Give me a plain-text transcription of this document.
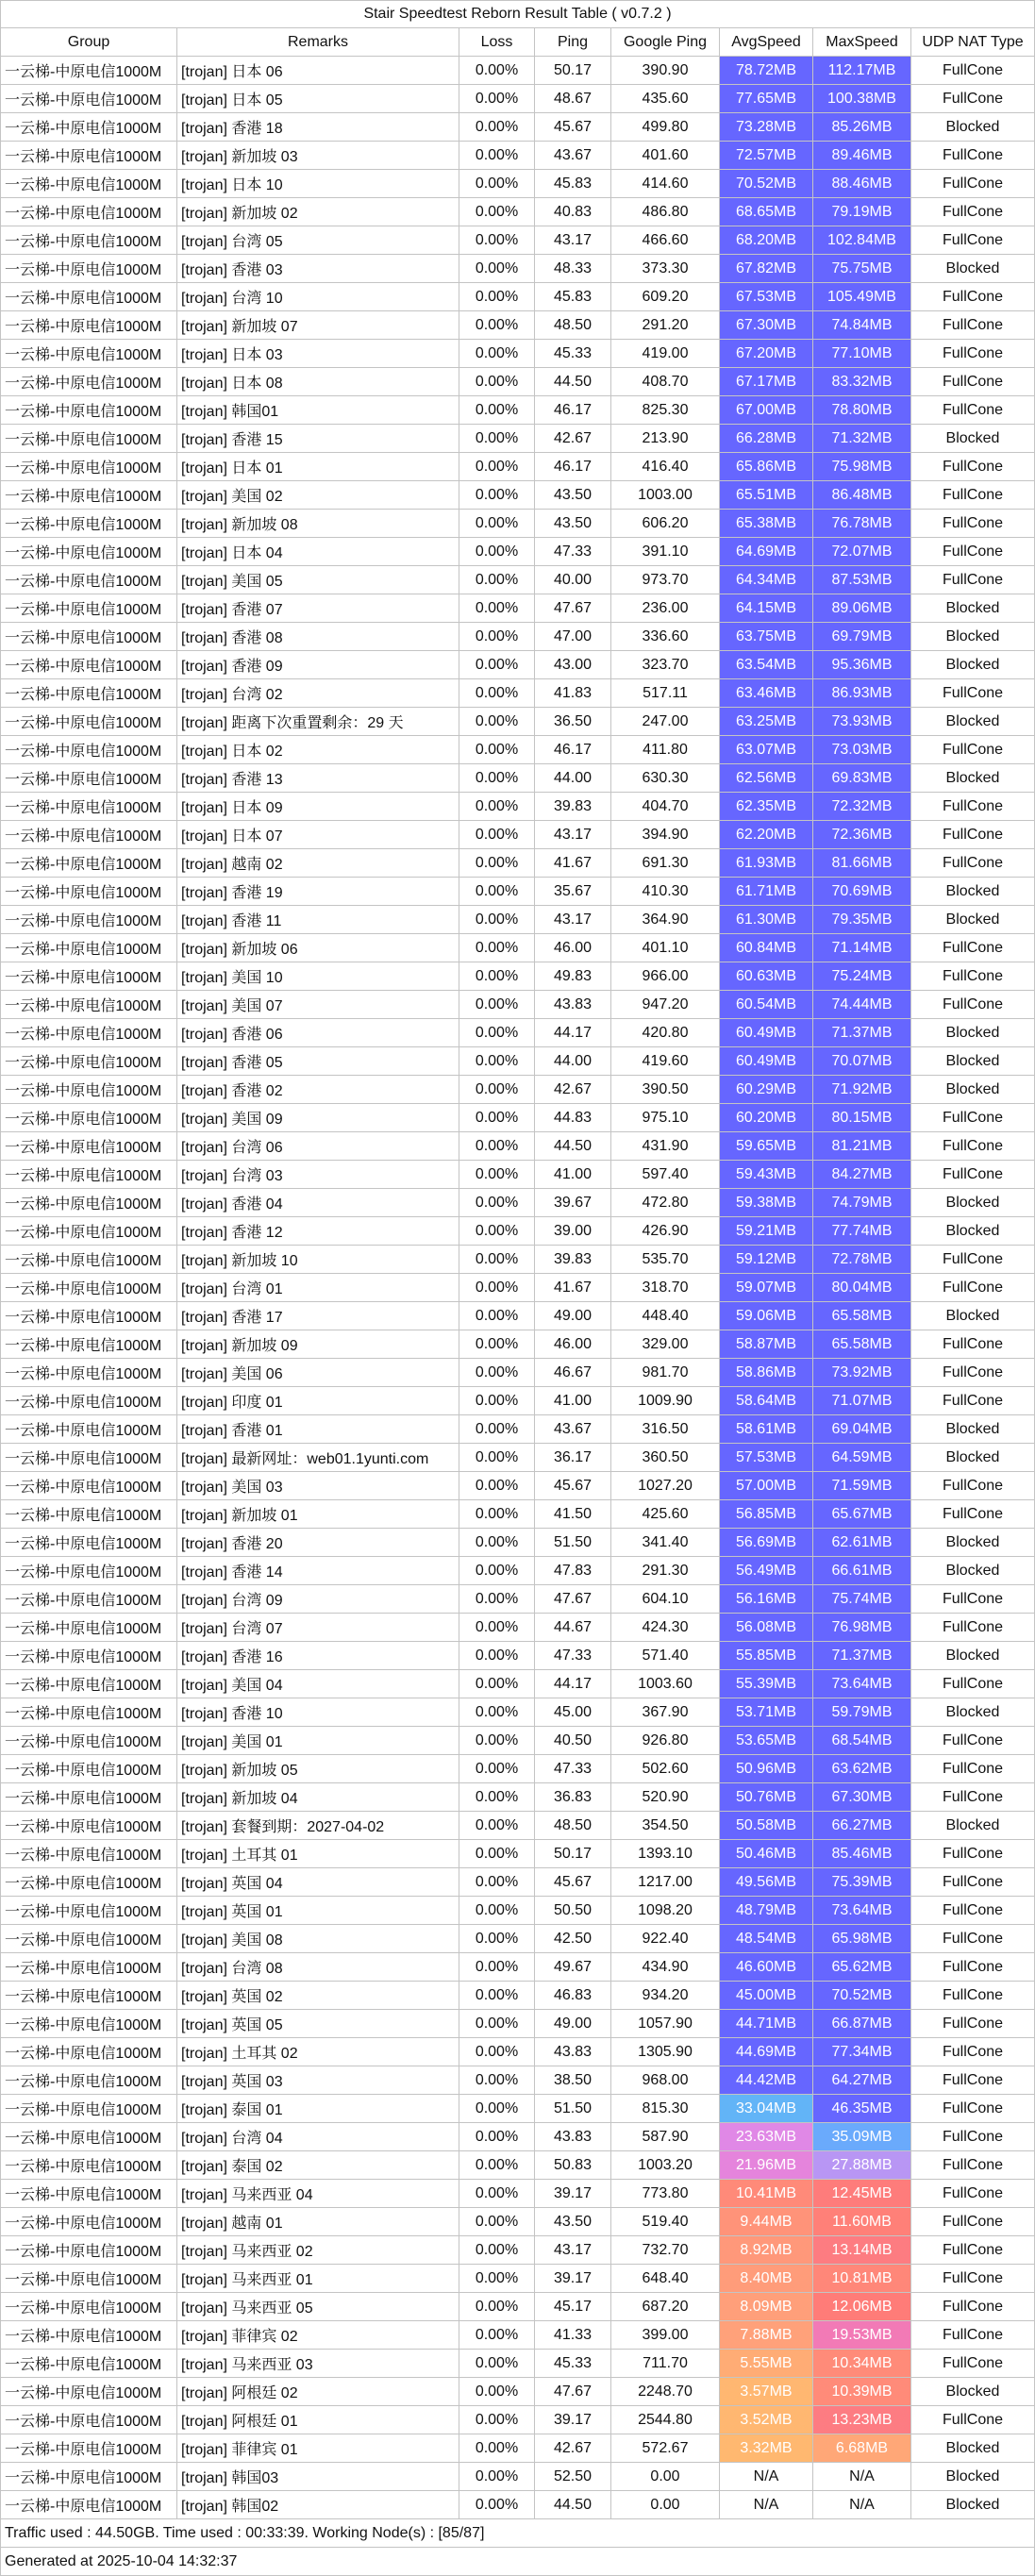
Stair Speedtest Reborn Result Table ( v0.7.2 )
Group	Remarks	Loss	Ping	Google Ping	AvgSpeed	MaxSpeed	UDP NAT Type
一云梯-中原电信1000M	[trojan] 日本 06	0.00%	50.17	390.90	78.72MB	112.17MB	FullCone
一云梯-中原电信1000M	[trojan] 日本 05	0.00%	48.67	435.60	77.65MB	100.38MB	FullCone
一云梯-中原电信1000M	[trojan] 香港 18	0.00%	45.67	499.80	73.28MB	85.26MB	Blocked
一云梯-中原电信1000M	[trojan] 新加坡 03	0.00%	43.67	401.60	72.57MB	89.46MB	FullCone
一云梯-中原电信1000M	[trojan] 日本 10	0.00%	45.83	414.60	70.52MB	88.46MB	FullCone
一云梯-中原电信1000M	[trojan] 新加坡 02	0.00%	40.83	486.80	68.65MB	79.19MB	FullCone
一云梯-中原电信1000M	[trojan] 台湾 05	0.00%	43.17	466.60	68.20MB	102.84MB	FullCone
一云梯-中原电信1000M	[trojan] 香港 03	0.00%	48.33	373.30	67.82MB	75.75MB	Blocked
一云梯-中原电信1000M	[trojan] 台湾 10	0.00%	45.83	609.20	67.53MB	105.49MB	FullCone
一云梯-中原电信1000M	[trojan] 新加坡 07	0.00%	48.50	291.20	67.30MB	74.84MB	FullCone
一云梯-中原电信1000M	[trojan] 日本 03	0.00%	45.33	419.00	67.20MB	77.10MB	FullCone
一云梯-中原电信1000M	[trojan] 日本 08	0.00%	44.50	408.70	67.17MB	83.32MB	FullCone
一云梯-中原电信1000M	[trojan] 韩国01	0.00%	46.17	825.30	67.00MB	78.80MB	FullCone
一云梯-中原电信1000M	[trojan] 香港 15	0.00%	42.67	213.90	66.28MB	71.32MB	Blocked
一云梯-中原电信1000M	[trojan] 日本 01	0.00%	46.17	416.40	65.86MB	75.98MB	FullCone
一云梯-中原电信1000M	[trojan] 美国 02	0.00%	43.50	1003.00	65.51MB	86.48MB	FullCone
一云梯-中原电信1000M	[trojan] 新加坡 08	0.00%	43.50	606.20	65.38MB	76.78MB	FullCone
一云梯-中原电信1000M	[trojan] 日本 04	0.00%	47.33	391.10	64.69MB	72.07MB	FullCone
一云梯-中原电信1000M	[trojan] 美国 05	0.00%	40.00	973.70	64.34MB	87.53MB	FullCone
一云梯-中原电信1000M	[trojan] 香港 07	0.00%	47.67	236.00	64.15MB	89.06MB	Blocked
一云梯-中原电信1000M	[trojan] 香港 08	0.00%	47.00	336.60	63.75MB	69.79MB	Blocked
一云梯-中原电信1000M	[trojan] 香港 09	0.00%	43.00	323.70	63.54MB	95.36MB	Blocked
一云梯-中原电信1000M	[trojan] 台湾 02	0.00%	41.83	517.11	63.46MB	86.93MB	FullCone
一云梯-中原电信1000M	[trojan] 距离下次重置剩余：29 天	0.00%	36.50	247.00	63.25MB	73.93MB	Blocked
一云梯-中原电信1000M	[trojan] 日本 02	0.00%	46.17	411.80	63.07MB	73.03MB	FullCone
一云梯-中原电信1000M	[trojan] 香港 13	0.00%	44.00	630.30	62.56MB	69.83MB	Blocked
一云梯-中原电信1000M	[trojan] 日本 09	0.00%	39.83	404.70	62.35MB	72.32MB	FullCone
一云梯-中原电信1000M	[trojan] 日本 07	0.00%	43.17	394.90	62.20MB	72.36MB	FullCone
一云梯-中原电信1000M	[trojan] 越南 02	0.00%	41.67	691.30	61.93MB	81.66MB	FullCone
一云梯-中原电信1000M	[trojan] 香港 19	0.00%	35.67	410.30	61.71MB	70.69MB	Blocked
一云梯-中原电信1000M	[trojan] 香港 11	0.00%	43.17	364.90	61.30MB	79.35MB	Blocked
一云梯-中原电信1000M	[trojan] 新加坡 06	0.00%	46.00	401.10	60.84MB	71.14MB	FullCone
一云梯-中原电信1000M	[trojan] 美国 10	0.00%	49.83	966.00	60.63MB	75.24MB	FullCone
一云梯-中原电信1000M	[trojan] 美国 07	0.00%	43.83	947.20	60.54MB	74.44MB	FullCone
一云梯-中原电信1000M	[trojan] 香港 06	0.00%	44.17	420.80	60.49MB	71.37MB	Blocked
一云梯-中原电信1000M	[trojan] 香港 05	0.00%	44.00	419.60	60.49MB	70.07MB	Blocked
一云梯-中原电信1000M	[trojan] 香港 02	0.00%	42.67	390.50	60.29MB	71.92MB	Blocked
一云梯-中原电信1000M	[trojan] 美国 09	0.00%	44.83	975.10	60.20MB	80.15MB	FullCone
一云梯-中原电信1000M	[trojan] 台湾 06	0.00%	44.50	431.90	59.65MB	81.21MB	FullCone
一云梯-中原电信1000M	[trojan] 台湾 03	0.00%	41.00	597.40	59.43MB	84.27MB	FullCone
一云梯-中原电信1000M	[trojan] 香港 04	0.00%	39.67	472.80	59.38MB	74.79MB	Blocked
一云梯-中原电信1000M	[trojan] 香港 12	0.00%	39.00	426.90	59.21MB	77.74MB	Blocked
一云梯-中原电信1000M	[trojan] 新加坡 10	0.00%	39.83	535.70	59.12MB	72.78MB	FullCone
一云梯-中原电信1000M	[trojan] 台湾 01	0.00%	41.67	318.70	59.07MB	80.04MB	FullCone
一云梯-中原电信1000M	[trojan] 香港 17	0.00%	49.00	448.40	59.06MB	65.58MB	Blocked
一云梯-中原电信1000M	[trojan] 新加坡 09	0.00%	46.00	329.00	58.87MB	65.58MB	FullCone
一云梯-中原电信1000M	[trojan] 美国 06	0.00%	46.67	981.70	58.86MB	73.92MB	FullCone
一云梯-中原电信1000M	[trojan] 印度 01	0.00%	41.00	1009.90	58.64MB	71.07MB	FullCone
一云梯-中原电信1000M	[trojan] 香港 01	0.00%	43.67	316.50	58.61MB	69.04MB	Blocked
一云梯-中原电信1000M	[trojan] 最新网址：web01.1yunti.com	0.00%	36.17	360.50	57.53MB	64.59MB	Blocked
一云梯-中原电信1000M	[trojan] 美国 03	0.00%	45.67	1027.20	57.00MB	71.59MB	FullCone
一云梯-中原电信1000M	[trojan] 新加坡 01	0.00%	41.50	425.60	56.85MB	65.67MB	FullCone
一云梯-中原电信1000M	[trojan] 香港 20	0.00%	51.50	341.40	56.69MB	62.61MB	Blocked
一云梯-中原电信1000M	[trojan] 香港 14	0.00%	47.83	291.30	56.49MB	66.61MB	Blocked
一云梯-中原电信1000M	[trojan] 台湾 09	0.00%	47.67	604.10	56.16MB	75.74MB	FullCone
一云梯-中原电信1000M	[trojan] 台湾 07	0.00%	44.67	424.30	56.08MB	76.98MB	FullCone
一云梯-中原电信1000M	[trojan] 香港 16	0.00%	47.33	571.40	55.85MB	71.37MB	Blocked
一云梯-中原电信1000M	[trojan] 美国 04	0.00%	44.17	1003.60	55.39MB	73.64MB	FullCone
一云梯-中原电信1000M	[trojan] 香港 10	0.00%	45.00	367.90	53.71MB	59.79MB	Blocked
一云梯-中原电信1000M	[trojan] 美国 01	0.00%	40.50	926.80	53.65MB	68.54MB	FullCone
一云梯-中原电信1000M	[trojan] 新加坡 05	0.00%	47.33	502.60	50.96MB	63.62MB	FullCone
一云梯-中原电信1000M	[trojan] 新加坡 04	0.00%	36.83	520.90	50.76MB	67.30MB	FullCone
一云梯-中原电信1000M	[trojan] 套餐到期：2027-04-02	0.00%	48.50	354.50	50.58MB	66.27MB	Blocked
一云梯-中原电信1000M	[trojan] 土耳其 01	0.00%	50.17	1393.10	50.46MB	85.46MB	FullCone
一云梯-中原电信1000M	[trojan] 英国 04	0.00%	45.67	1217.00	49.56MB	75.39MB	FullCone
一云梯-中原电信1000M	[trojan] 英国 01	0.00%	50.50	1098.20	48.79MB	73.64MB	FullCone
一云梯-中原电信1000M	[trojan] 美国 08	0.00%	42.50	922.40	48.54MB	65.98MB	FullCone
一云梯-中原电信1000M	[trojan] 台湾 08	0.00%	49.67	434.90	46.60MB	65.62MB	FullCone
一云梯-中原电信1000M	[trojan] 英国 02	0.00%	46.83	934.20	45.00MB	70.52MB	FullCone
一云梯-中原电信1000M	[trojan] 英国 05	0.00%	49.00	1057.90	44.71MB	66.87MB	FullCone
一云梯-中原电信1000M	[trojan] 土耳其 02	0.00%	43.83	1305.90	44.69MB	77.34MB	FullCone
一云梯-中原电信1000M	[trojan] 英国 03	0.00%	38.50	968.00	44.42MB	64.27MB	FullCone
一云梯-中原电信1000M	[trojan] 泰国 01	0.00%	51.50	815.30	33.04MB	46.35MB	FullCone
一云梯-中原电信1000M	[trojan] 台湾 04	0.00%	43.83	587.90	23.63MB	35.09MB	FullCone
一云梯-中原电信1000M	[trojan] 泰国 02	0.00%	50.83	1003.20	21.96MB	27.88MB	FullCone
一云梯-中原电信1000M	[trojan] 马来西亚 04	0.00%	39.17	773.80	10.41MB	12.45MB	FullCone
一云梯-中原电信1000M	[trojan] 越南 01	0.00%	43.50	519.40	9.44MB	11.60MB	FullCone
一云梯-中原电信1000M	[trojan] 马来西亚 02	0.00%	43.17	732.70	8.92MB	13.14MB	FullCone
一云梯-中原电信1000M	[trojan] 马来西亚 01	0.00%	39.17	648.40	8.40MB	10.81MB	FullCone
一云梯-中原电信1000M	[trojan] 马来西亚 05	0.00%	45.17	687.20	8.09MB	12.06MB	FullCone
一云梯-中原电信1000M	[trojan] 菲律宾 02	0.00%	41.33	399.00	7.88MB	19.53MB	FullCone
一云梯-中原电信1000M	[trojan] 马来西亚 03	0.00%	45.33	711.70	5.55MB	10.34MB	FullCone
一云梯-中原电信1000M	[trojan] 阿根廷 02	0.00%	47.67	2248.70	3.57MB	10.39MB	Blocked
一云梯-中原电信1000M	[trojan] 阿根廷 01	0.00%	39.17	2544.80	3.52MB	13.23MB	FullCone
一云梯-中原电信1000M	[trojan] 菲律宾 01	0.00%	42.67	572.67	3.32MB	6.68MB	Blocked
一云梯-中原电信1000M	[trojan] 韩国03	0.00%	52.50	0.00	N/A	N/A	Blocked
一云梯-中原电信1000M	[trojan] 韩国02	0.00%	44.50	0.00	N/A	N/A	Blocked
Traffic used : 44.50GB. Time used : 00:33:39. Working Node(s) : [85/87]
Generated at 2025-10-04 14:32:37
